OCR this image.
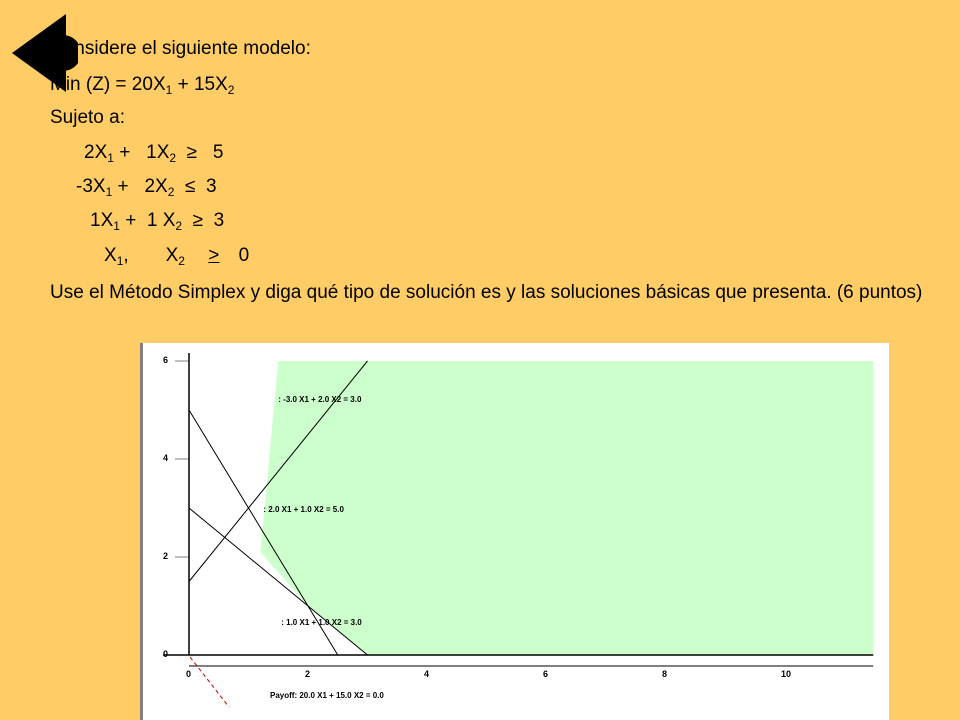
Considere el siguiente modelo:
Min $(Z) = 20X_1 + 15X_2$
Sujeto a:
$2X_1 + 1X_2 \ge 5$
$-3X_1 + 2X_2 \le 3$
$1X_1 + 1$ $X_2 \ge 3$
$X_1$,       $X_2 > 0$
Use el Método Simplex y diga qué tipo de solución es y las soluciones básicas que presenta. (6 puntos)
0
2
4
6
0	2	4	6	8	10
: -3.0 X1 + 2.0 X2 = 3.0
: 2.0 X1 + 1.0 X2 = 5.0
: 1.0 X1 + 1.0 X2 = 3.0
Payoff: 20.0 X1 + 15.0 X2 = 0.0
